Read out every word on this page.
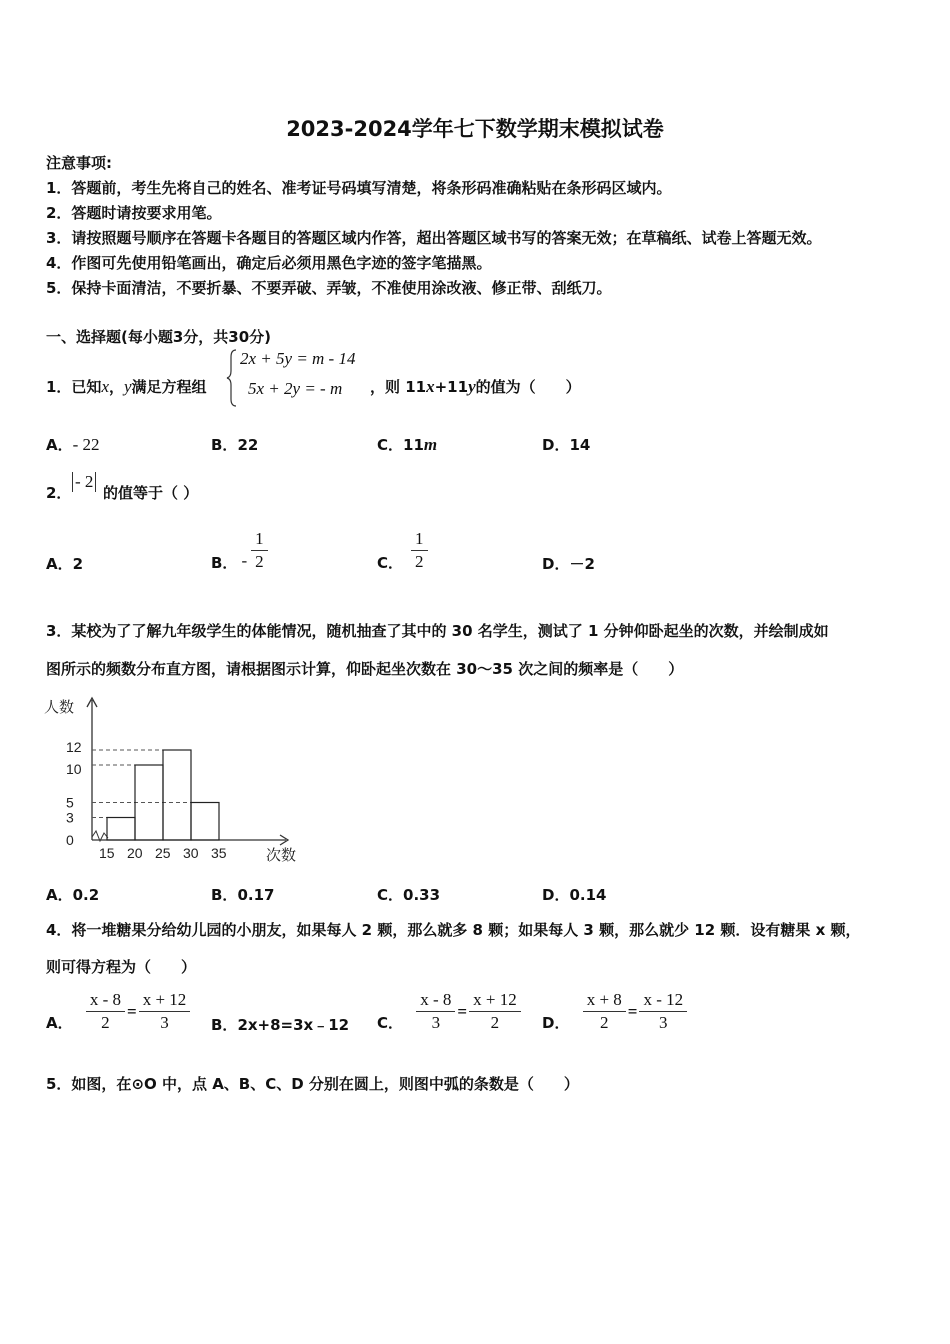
2023-2024学年七下数学期末模拟试卷
注意事项:
1．答题前，考生先将自己的姓名、准考证号码填写清楚，将条形码准确粘贴在条形码区域内。
2．答题时请按要求用笔。
3．请按照题号顺序在答题卡各题目的答题区域内作答，超出答题区域书写的答案无效；在草稿纸、试卷上答题无效。
4．作图可先使用铅笔画出，确定后必须用黑色字迹的签字笔描黑。
5．保持卡面清洁，不要折暴、不要弄破、弄皱，不准使用涂改液、修正带、刮纸刀。
一、选择题(每小题3分，共30分)
1．已知x，y满足方程组
2x + 5y = m - 14
5x + 2y = - m ，则 11x+11y的值为（　　）
A．- 22	B．22	C．11m	D．14
2．
- 2
的值等于（ ）
A．2	B． - $\frac{1}{2}$	C． $\frac{1}{2}$	D．－2
3．某校为了了解九年级学生的体能情况，随机抽查了其中的 30 名学生，测试了 1 分钟仰卧起坐的次数，并绘制成如
图所示的频数分布直方图，请根据图示计算，仰卧起坐次数在 30～35 次之间的频率是（　　）
人数
次数
12
10
5
3
0
15 20 25 30 35
A．0.2	B．0.17	C．0.33	D．0.14
4．将一堆糖果分给幼儿园的小朋友，如果每人 2 颗，那么就多 8 颗；如果每人 3 颗，那么就少 12 颗．设有糖果 x 颗，
则可得方程为（　　）
A． $\frac{x - 8}{2} = \frac{x + 12}{3}$ B．2x+8=3x﹣12 C． $\frac{x - 8}{3} = \frac{x + 12}{2}$ D． $\frac{x + 8}{2} = \frac{x - 12}{3}$
5．如图，在⊙O 中，点 A、B、C、D 分别在圆上，则图中弧的条数是（　　）
